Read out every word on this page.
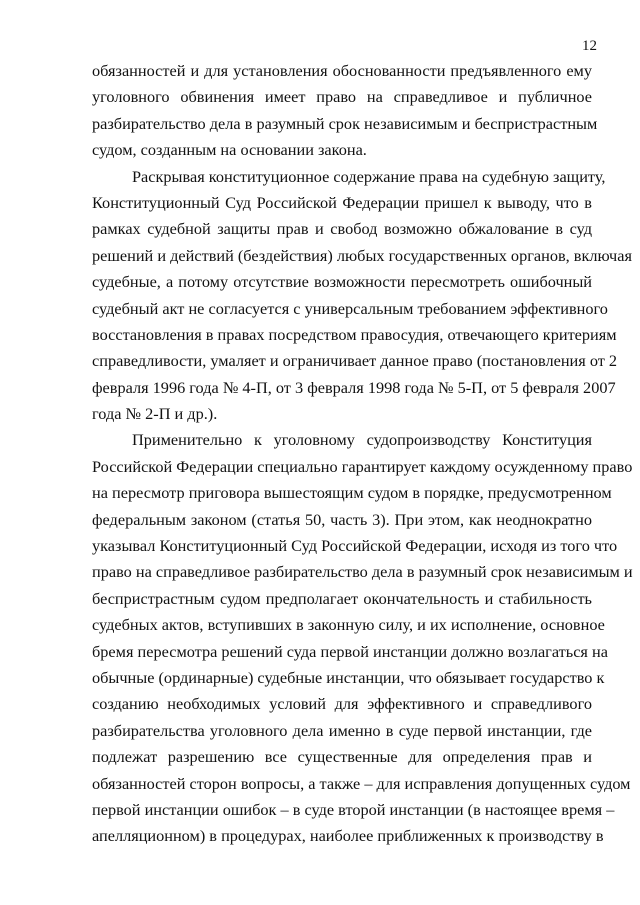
12
обязанностей и для установления обоснованности предъявленного ему
уголовного обвинения имеет право на справедливое и публичное
разбирательство дела в разумный срок независимым и беспристрастным
судом, созданным на основании закона.
Раскрывая конституционное содержание права на судебную защиту,
Конституционный Суд Российской Федерации пришел к выводу, что в
рамках судебной защиты прав и свобод возможно обжалование в суд
решений и действий (бездействия) любых государственных органов, включая
судебные, а потому отсутствие возможности пересмотреть ошибочный
судебный акт не согласуется с универсальным требованием эффективного
восстановления в правах посредством правосудия, отвечающего критериям
справедливости, умаляет и ограничивает данное право (постановления от 2
февраля 1996 года № 4-П, от 3 февраля 1998 года № 5-П, от 5 февраля 2007
года № 2-П и др.).
Применительно к уголовному судопроизводству Конституция
Российской Федерации специально гарантирует каждому осужденному право
на пересмотр приговора вышестоящим судом в порядке, предусмотренном
федеральным законом (статья 50, часть 3). При этом, как неоднократно
указывал Конституционный Суд Российской Федерации, исходя из того что
право на справедливое разбирательство дела в разумный срок независимым и
беспристрастным судом предполагает окончательность и стабильность
судебных актов, вступивших в законную силу, и их исполнение, основное
бремя пересмотра решений суда первой инстанции должно возлагаться на
обычные (ординарные) судебные инстанции, что обязывает государство к
созданию необходимых условий для эффективного и справедливого
разбирательства уголовного дела именно в суде первой инстанции, где
подлежат разрешению все существенные для определения прав и
обязанностей сторон вопросы, а также – для исправления допущенных судом
первой инстанции ошибок – в суде второй инстанции (в настоящее время –
апелляционном) в процедурах, наиболее приближенных к производству в
